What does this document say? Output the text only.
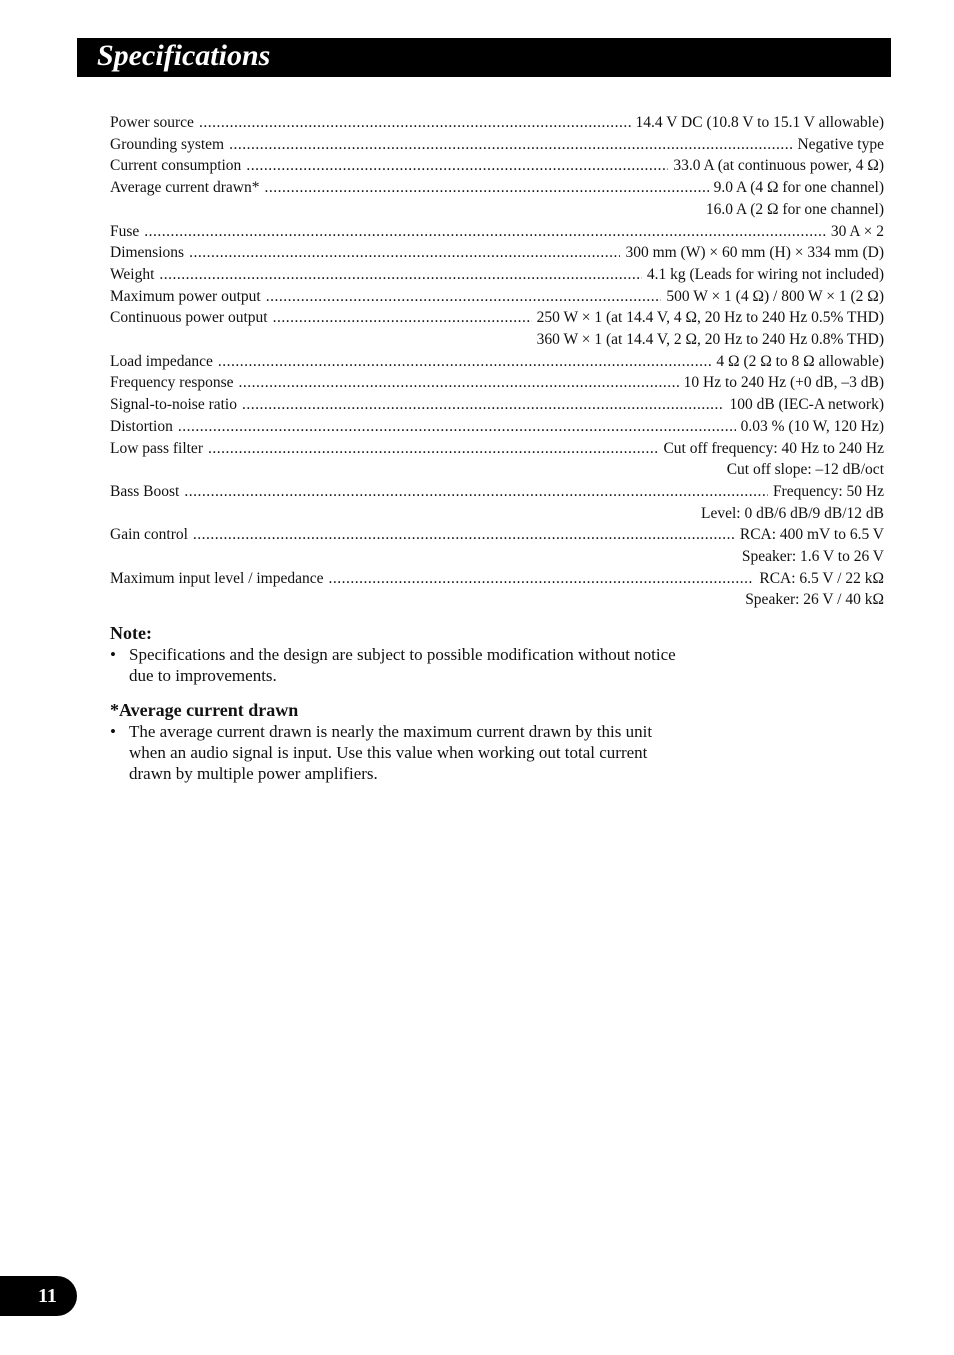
Specifications
Power source .....	14.4 V DC (10.8 V to 15.1 V allowable)
Grounding system .....	Negative type
Current consumption .....	33.0 A (at continuous power, 4 Ω)
Average current drawn* .....	9.0 A (4 Ω for one channel)
16.0 A (2 Ω for one channel)
Fuse .....	30 A × 2
Dimensions .....	300 mm (W) × 60 mm (H) × 334 mm (D)
Weight .....	4.1 kg (Leads for wiring not included)
Maximum power output .....	500 W × 1 (4 Ω) / 800 W × 1 (2 Ω)
Continuous power output .....	250 W × 1 (at 14.4 V, 4 Ω, 20 Hz to 240 Hz 0.5% THD)
360 W × 1 (at 14.4 V, 2 Ω, 20 Hz to 240 Hz 0.8% THD)
Load impedance .....	4 Ω (2 Ω to 8 Ω allowable)
Frequency response .....	10 Hz to 240 Hz (+0 dB, –3 dB)
Signal-to-noise ratio .....	100 dB (IEC-A network)
Distortion .....	0.03 % (10 W, 120 Hz)
Low pass filter .....	Cut off frequency: 40 Hz to 240 Hz
Cut off slope: –12 dB/oct
Bass Boost .....	Frequency: 50 Hz
Level: 0 dB/6 dB/9 dB/12 dB
Gain control .....	RCA: 400 mV to 6.5 V
Speaker: 1.6 V to 26 V
Maximum input level / impedance .....	RCA: 6.5 V / 22 kΩ
Speaker: 26 V / 40 kΩ
Note:
• Specifications and the design are subject to possible modification without notice
due to improvements.
*Average current drawn
• The average current drawn is nearly the maximum current drawn by this unit
when an audio signal is input. Use this value when working out total current
drawn by multiple power amplifiers.
11
